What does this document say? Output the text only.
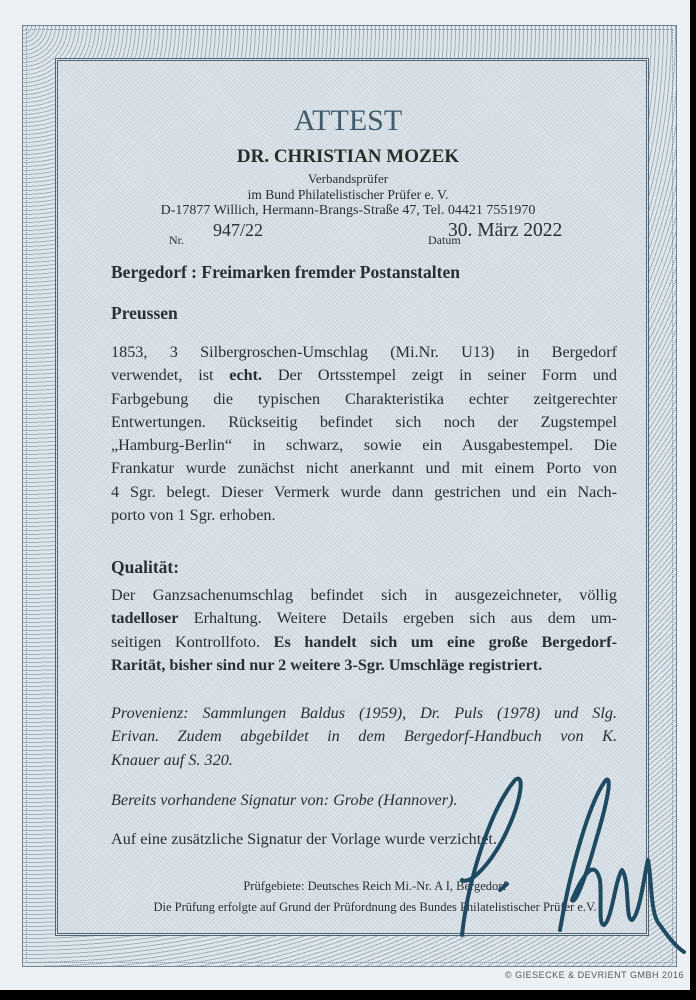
ATTEST
DR. CHRISTIAN MOZEK
Verbandsprüfer
im Bund Philatelistischer Prüfer e. V.
D-17877 Willich, Hermann-Brangs-Straße 47, Tel. 04421 7551970
Nr. 947/22	Datum
30. März 2022
Bergedorf : Freimarken fremder Postanstalten
Preussen
1853, 3 Silbergroschen-Umschlag (Mi.Nr. U13) in Bergedorf
verwendet, ist echt. Der Ortsstempel zeigt in seiner Form und
Farbgebung die typischen Charakteristika echter zeitgerechter
Entwertungen. Rückseitig befindet sich noch der Zugstempel
„Hamburg-Berlin“ in schwarz, sowie ein Ausgabestempel. Die
Frankatur wurde zunächst nicht anerkannt und mit einem Porto von
4 Sgr. belegt. Dieser Vermerk wurde dann gestrichen und ein Nach-
porto von 1 Sgr. erhoben.
Qualität:
Der Ganzsachenumschlag befindet sich in ausgezeichneter, völlig
tadelloser Erhaltung. Weitere Details ergeben sich aus dem um-
seitigen Kontrollfoto. Es handelt sich um eine große Bergedorf-
Rarität, bisher sind nur 2 weitere 3-Sgr. Umschläge registriert.
Provenienz: Sammlungen Baldus (1959), Dr. Puls (1978) und Slg.
Erivan. Zudem abgebildet in dem Bergedorf-Handbuch von K.
Knauer auf S. 320.
Bereits vorhandene Signatur von: Grobe (Hannover).
Auf eine zusätzliche Signatur der Vorlage wurde verzichtet.
Prüfgebiete: Deutsches Reich Mi.-Nr. A I, Bergedorf
Die Prüfung erfolgte auf Grund der Prüfordnung des Bundes Philatelistischer Prüfer e.V.
© GIESECKE & DEVRIENT GMBH 2016
